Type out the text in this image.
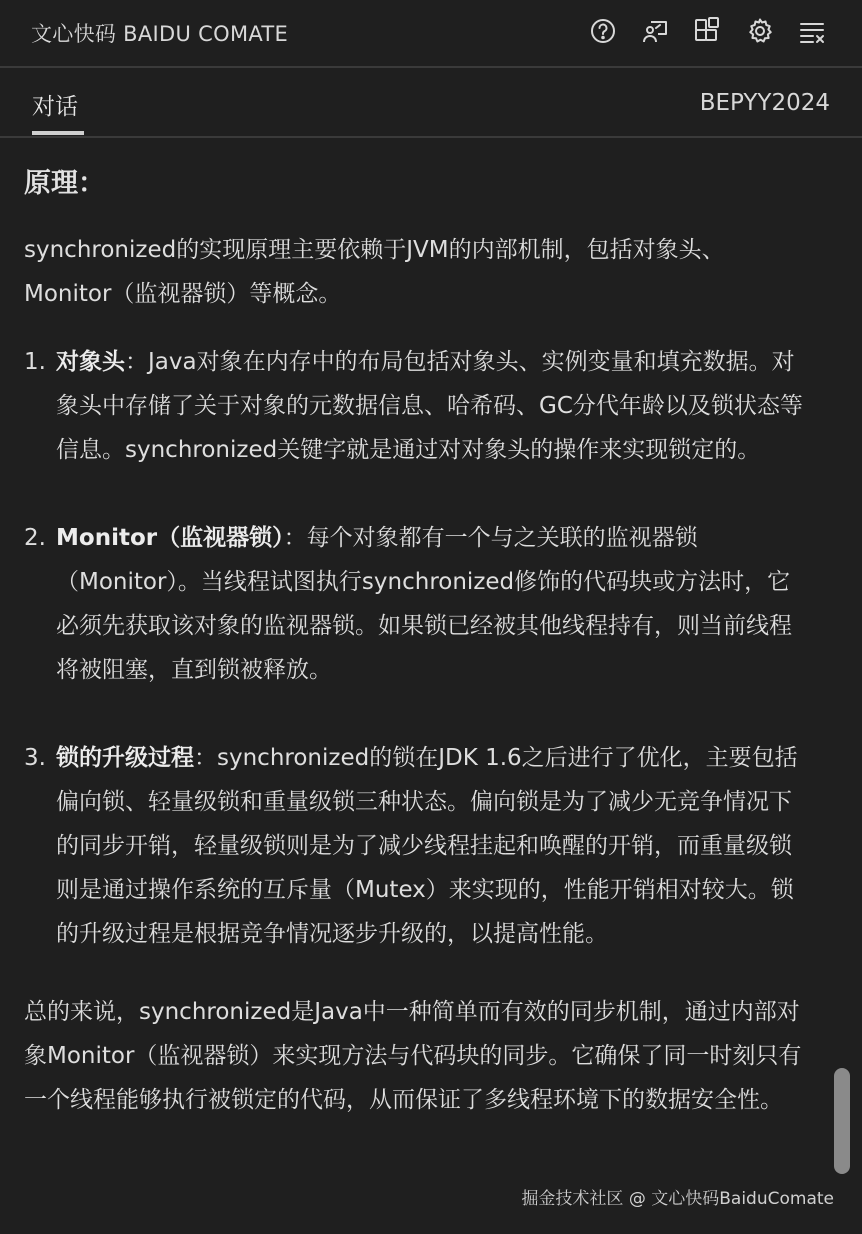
文心快码 BAIDU COMATE
对话	BEPYY2024
原理：

synchronized的实现原理主要依赖于JVM的内部机制，包括对象头、Monitor（监视器锁）等概念。

1. 对象头：Java对象在内存中的布局包括对象头、实例变量和填充数据。对象头中存储了关于对象的元数据信息、哈希码、GC分代年龄以及锁状态等信息。synchronized关键字就是通过对对象头的操作来实现锁定的。
2. Monitor（监视器锁）：每个对象都有一个与之关联的监视器锁（Monitor）。当线程试图执行synchronized修饰的代码块或方法时，它必须先获取该对象的监视器锁。如果锁已经被其他线程持有，则当前线程将被阻塞，直到锁被释放。
3. 锁的升级过程：synchronized的锁在JDK 1.6之后进行了优化，主要包括偏向锁、轻量级锁和重量级锁三种状态。偏向锁是为了减少无竞争情况下的同步开销，轻量级锁则是为了减少线程挂起和唤醒的开销，而重量级锁则是通过操作系统的互斥量（Mutex）来实现的，性能开销相对较大。锁的升级过程是根据竞争情况逐步升级的，以提高性能。

总的来说，synchronized是Java中一种简单而有效的同步机制，通过内部对象Monitor（监视器锁）来实现方法与代码块的同步。它确保了同一时刻只有一个线程能够执行被锁定的代码，从而保证了多线程环境下的数据安全性。

掘金技术社区 @ 文心快码BaiduComate
